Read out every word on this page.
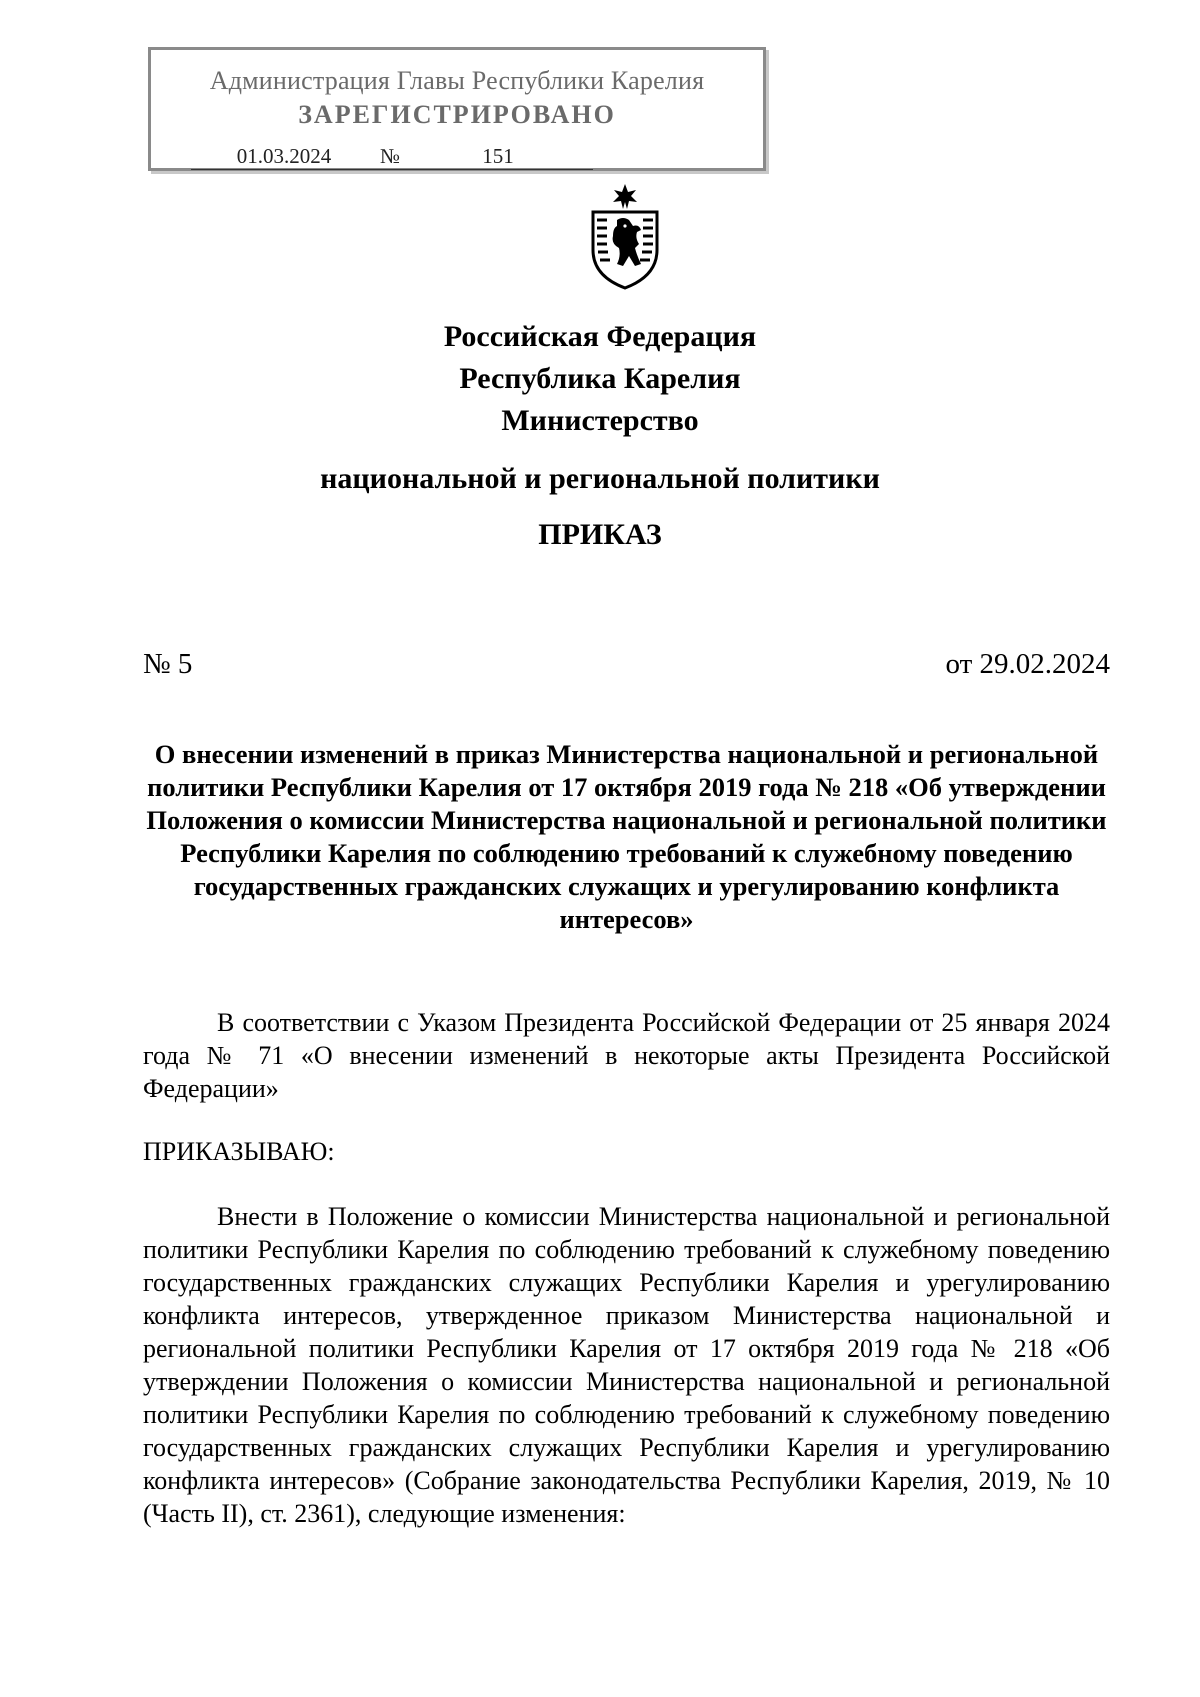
Администрация Главы Республики Карелия
ЗАРЕГИСТРИРОВАНО
01.03.2024	№	151
Российская Федерация
Республика Карелия
Министерство
национальной и региональной политики
ПРИКАЗ
№ 5	от 29.02.2024
О внесении изменений в приказ Министерства национальной и региональной политики Республики Карелия от 17 октября 2019 года № 218 «Об утверждении Положения о комиссии Министерства национальной и региональной политики Республики Карелия по соблюдению требований к служебному поведению государственных гражданских служащих и урегулированию конфликта интересов»
В соответствии с Указом Президента Российской Федерации от 25 января 2024 года № 71 «О внесении изменений в некоторые акты Президента Российской Федерации»
ПРИКАЗЫВАЮ:
Внести в Положение о комиссии Министерства национальной и региональной политики Республики Карелия по соблюдению требований к служебному поведению государственных гражданских служащих Республики Карелия и урегулированию конфликта интересов, утвержденное приказом Министерства национальной и региональной политики Республики Карелия от 17 октября 2019 года № 218 «Об утверждении Положения о комиссии Министерства национальной и региональной политики Республики Карелия по соблюдению требований к служебному поведению государственных гражданских служащих Республики Карелия и урегулированию конфликта интересов» (Собрание законодательства Республики Карелия, 2019, № 10 (Часть II), ст. 2361), следующие изменения:
